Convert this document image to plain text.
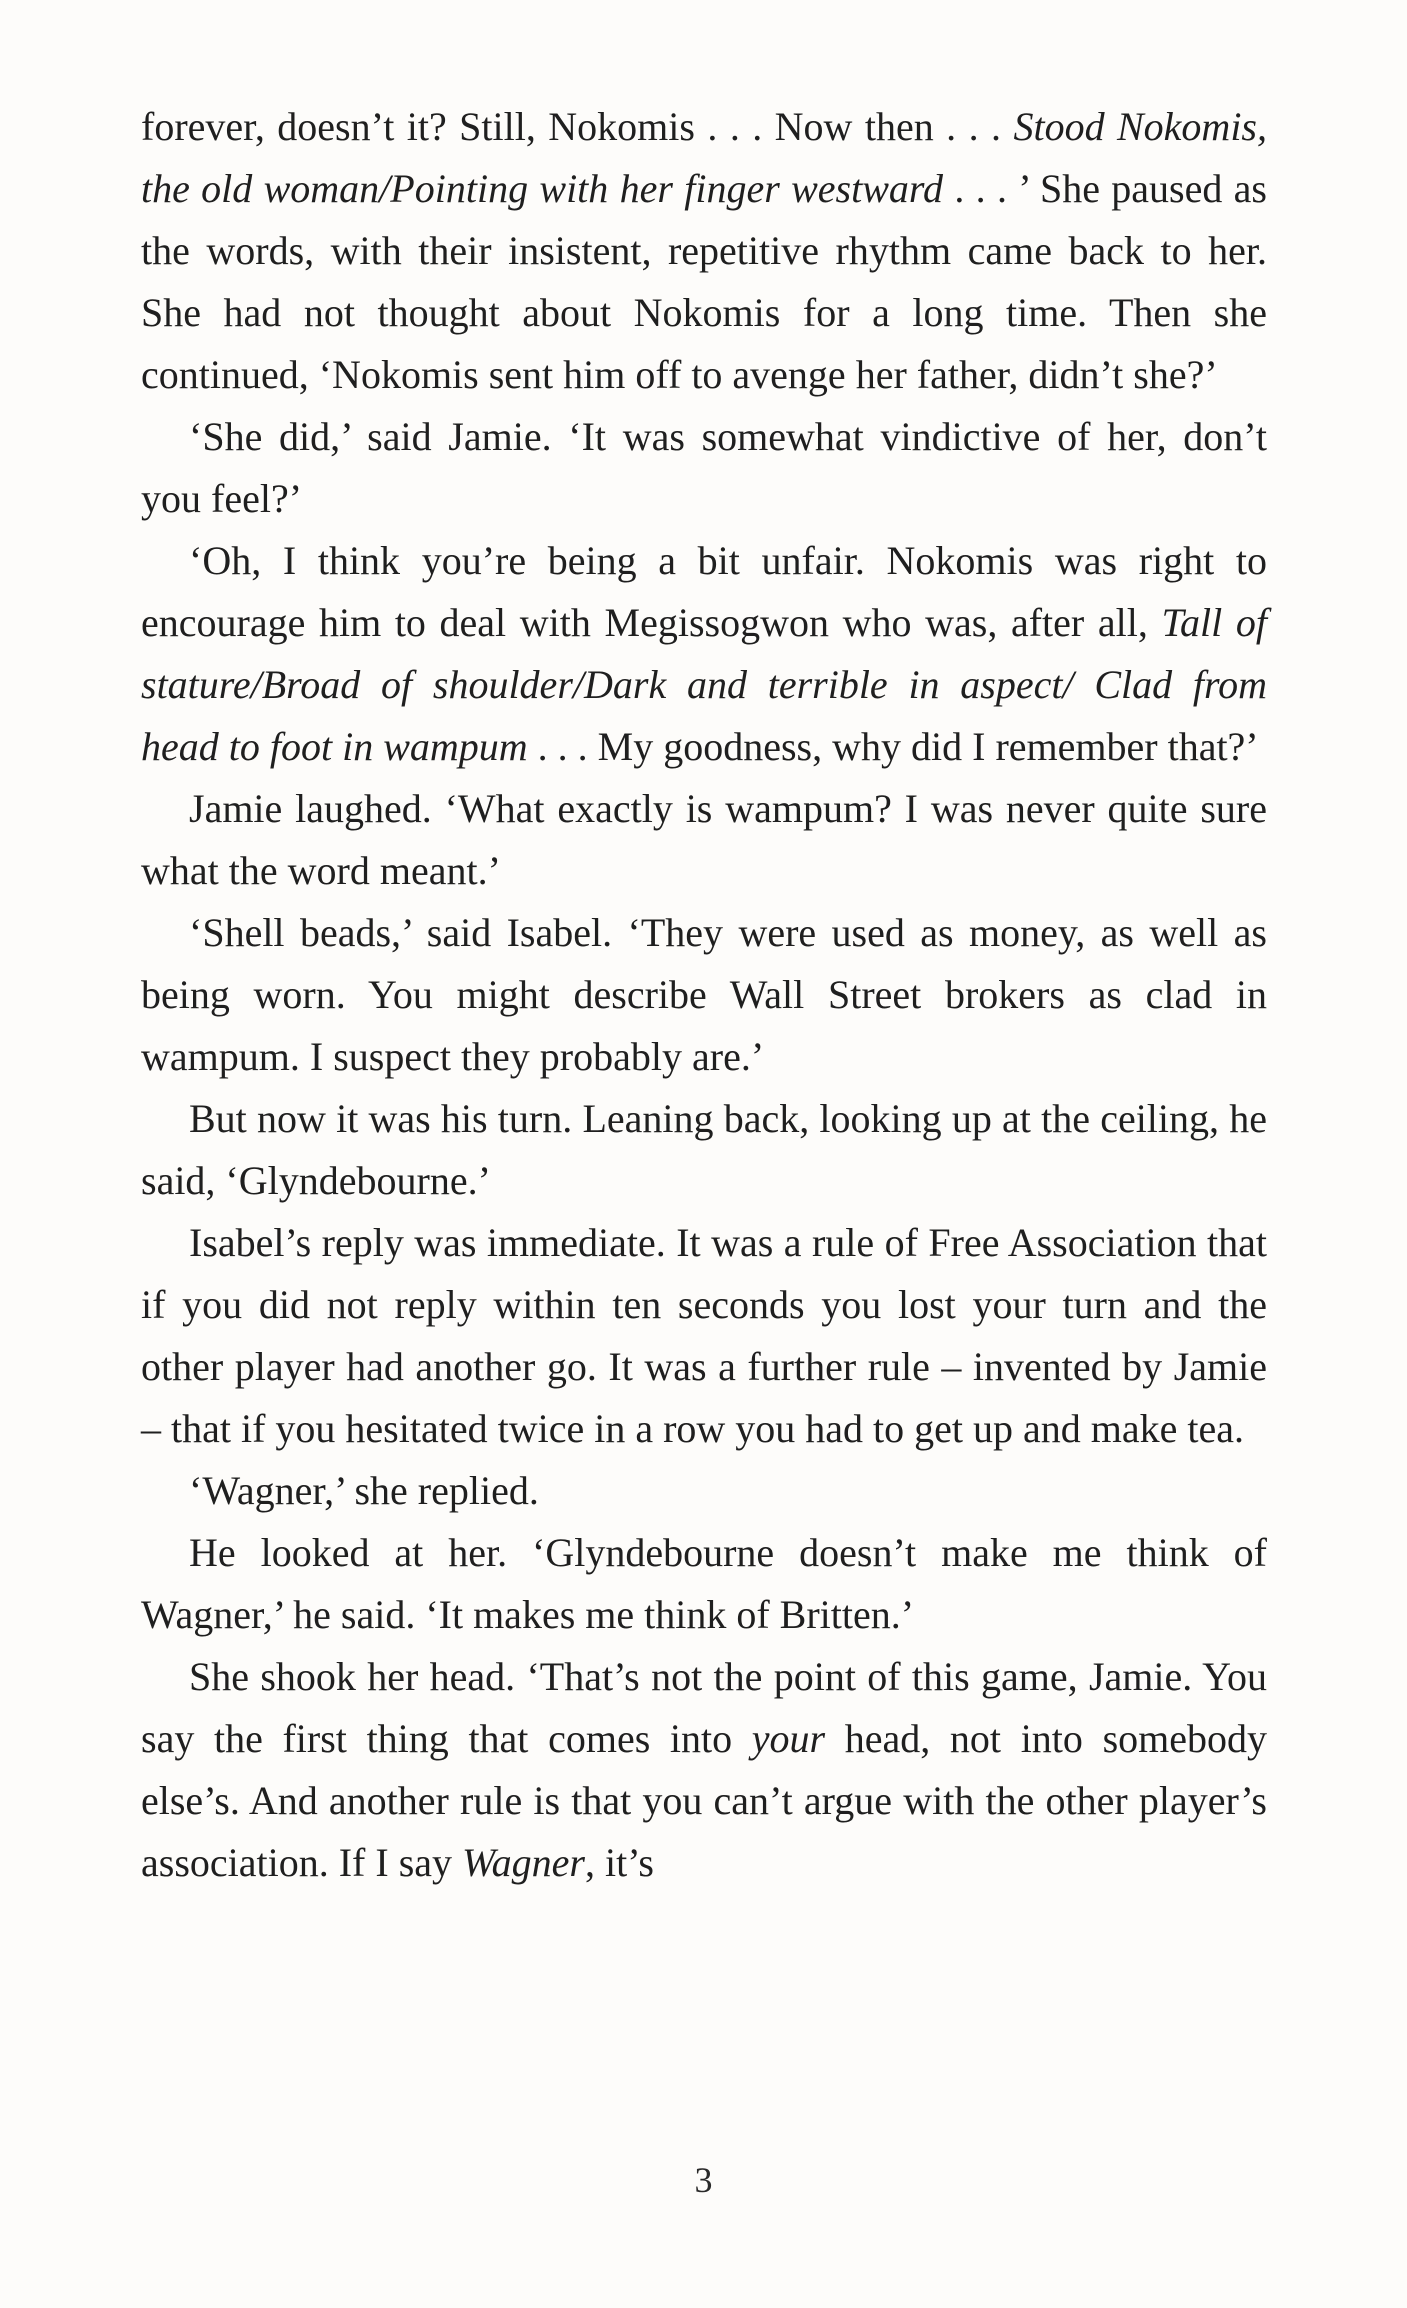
forever, doesn’t it? Still, Nokomis . . . Now then . . . Stood Nokomis, the old woman/Pointing with her finger westward . . . ’ She paused as the words, with their insistent, repetitive rhythm came back to her. She had not thought about Nokomis for a long time. Then she continued, ‘Nokomis sent him off to avenge her father, didn’t she?’

‘She did,’ said Jamie. ‘It was somewhat vindictive of her, don’t you feel?’

‘Oh, I think you’re being a bit unfair. Nokomis was right to encourage him to deal with Megissogwon who was, after all, Tall of stature/Broad of shoulder/Dark and terrible in aspect/ Clad from head to foot in wampum . . . My goodness, why did I remember that?’

Jamie laughed. ‘What exactly is wampum? I was never quite sure what the word meant.’

‘Shell beads,’ said Isabel. ‘They were used as money, as well as being worn. You might describe Wall Street brokers as clad in wampum. I suspect they probably are.’

But now it was his turn. Leaning back, looking up at the ceiling, he said, ‘Glyndebourne.’

Isabel’s reply was immediate. It was a rule of Free Association that if you did not reply within ten seconds you lost your turn and the other player had another go. It was a further rule – invented by Jamie – that if you hesitated twice in a row you had to get up and make tea.

‘Wagner,’ she replied.

He looked at her. ‘Glyndebourne doesn’t make me think of Wagner,’ he said. ‘It makes me think of Britten.’

She shook her head. ‘That’s not the point of this game, Jamie. You say the first thing that comes into your head, not into somebody else’s. And another rule is that you can’t argue with the other player’s association. If I say Wagner, it’s

3
